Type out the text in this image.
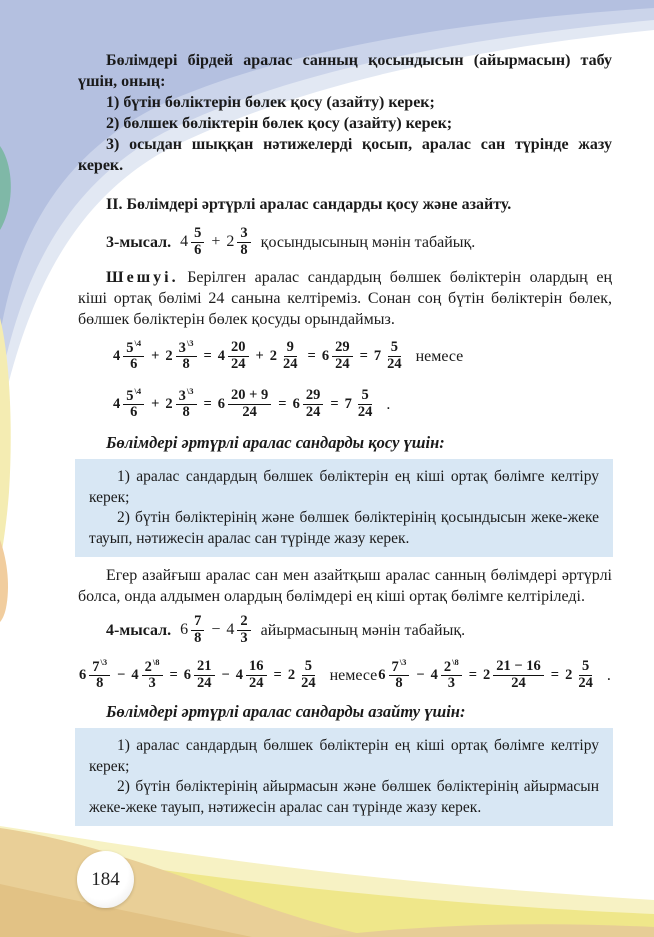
Бөлімдері бірдей аралас санның қосындысын (айырмасын) табу үшін, оның:

1) бүтін бөліктерін бөлек қосу (азайту) керек;

2) бөлшек бөліктерін бөлек қосу (азайту) керек;

3) осыдан шыққан нәтижелерді қосып, аралас сан түрінде жазу керек.

II. Бөлімдері әртүрлі аралас сандарды қосу және азайту.

3-мысал. $4 \frac{5}{6} + 2 \frac{3}{8}$ қосындысының мәнін табайық.

Шешуі. Берілген аралас сандардың бөлшек бөліктерін олардың ең кіші ортақ бөлімі 24 санына келтіреміз. Сонан соң бүтін бөліктерін бөлек, бөлшек бөліктерін бөлек қосуды орындаймыз.

$4 \frac{5^{\backslash 4}}{6} + 2 \frac{3^{\backslash 3}}{8} = 4 \frac{20}{24} + 2 \frac{9}{24} = 6 \frac{29}{24} = 7 \frac{5}{24}$ немесе
$4 \frac{5^{\backslash 4}}{6} + 2 \frac{3^{\backslash 3}}{8} = 6 \frac{20 + 9}{24} = 6 \frac{29}{24} = 7 \frac{5}{24}$ .

Бөлімдері әртүрлі аралас сандарды қосу үшін:

1) аралас сандардың бөлшек бөліктерін ең кіші ортақ бөлімге келтіру керек;

2) бүтін бөліктерінің және бөлшек бөліктерінің қосындысын жеке-жеке тауып, нәтижесін аралас сан түрінде жазу керек.

Егер азайғыш аралас сан мен азайтқыш аралас санның бөлімдері әртүрлі болса, онда алдымен олардың бөлімдері ең кіші ортақ бөлімге келтіріледі.

4-мысал. $6 \frac{7}{8} - 4 \frac{2}{3}$ айырмасының мәнін табайық.
$6 \frac{7^{\backslash 3}}{8} - 4 \frac{2^{\backslash 8}}{3} = 6 \frac{21}{24} - 4 \frac{16}{24} = 2 \frac{5}{24}$ немесе $6 \frac{7^{\backslash 3}}{8} - 4 \frac{2^{\backslash 8}}{3} = 2 \frac{21 - 16}{24} = 2 \frac{5}{24}$ .

Бөлімдері әртүрлі аралас сандарды азайту үшін:

1) аралас сандардың бөлшек бөліктерін ең кіші ортақ бөлімге келтіру керек;

2) бүтін бөліктерінің айырмасын және бөлшек бөліктерінің айырмасын жеке-жеке тауып, нәтижесін аралас сан түрінде жазу керек.

184
